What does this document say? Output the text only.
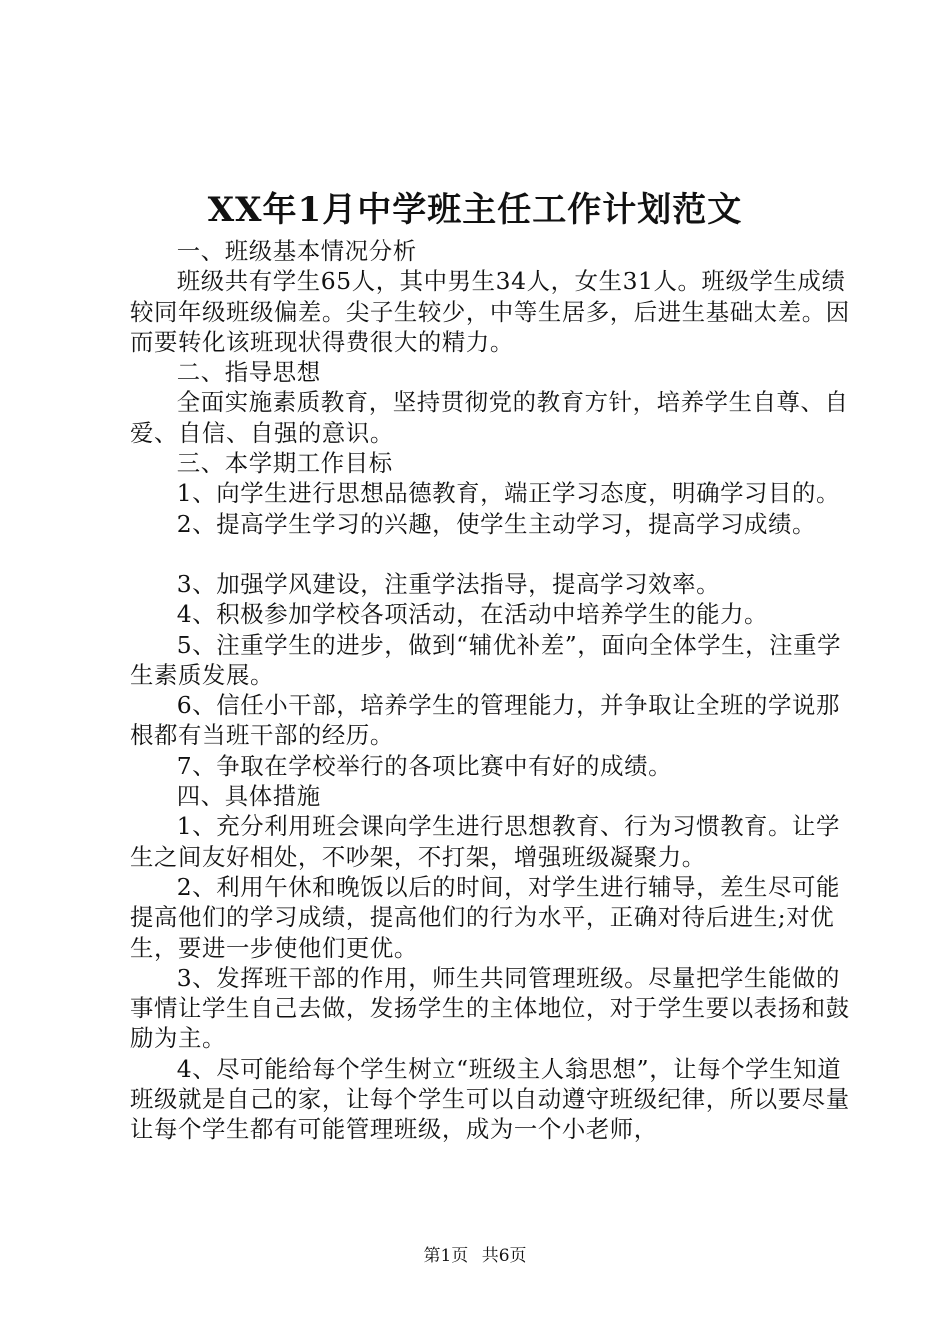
XX年1月中学班主任工作计划范文

一、班级基本情况分析

班级共有学生65人，其中男生34人，女生31人。班级学生成绩较同年级班级偏差。尖子生较少，中等生居多，后进生基础太差。因而要转化该班现状得费很大的精力。

二、指导思想

全面实施素质教育，坚持贯彻党的教育方针，培养学生自尊、自爱、自信、自强的意识。

三、本学期工作目标

1、向学生进行思想品德教育，端正学习态度，明确学习目的。

2、提高学生学习的兴趣，使学生主动学习，提高学习成绩。

3、加强学风建设，注重学法指导，提高学习效率。

4、积极参加学校各项活动，在活动中培养学生的能力。

5、注重学生的进步，做到“辅优补差”，面向全体学生，注重学生素质发展。

6、信任小干部，培养学生的管理能力，并争取让全班的学说那根都有当班干部的经历。

7、争取在学校举行的各项比赛中有好的成绩。

四、具体措施

1、充分利用班会课向学生进行思想教育、行为习惯教育。让学生之间友好相处，不吵架，不打架，增强班级凝聚力。

2、利用午休和晚饭以后的时间，对学生进行辅导，差生尽可能提高他们的学习成绩，提高他们的行为水平，正确对待后进生;对优生，要进一步使他们更优。

3、发挥班干部的作用，师生共同管理班级。尽量把学生能做的事情让学生自己去做，发扬学生的主体地位，对于学生要以表扬和鼓励为主。

4、尽可能给每个学生树立“班级主人翁思想”，让每个学生知道班级就是自己的家，让每个学生可以自动遵守班级纪律，所以要尽量让每个学生都有可能管理班级，成为一个小老师，

第1页 共6页
